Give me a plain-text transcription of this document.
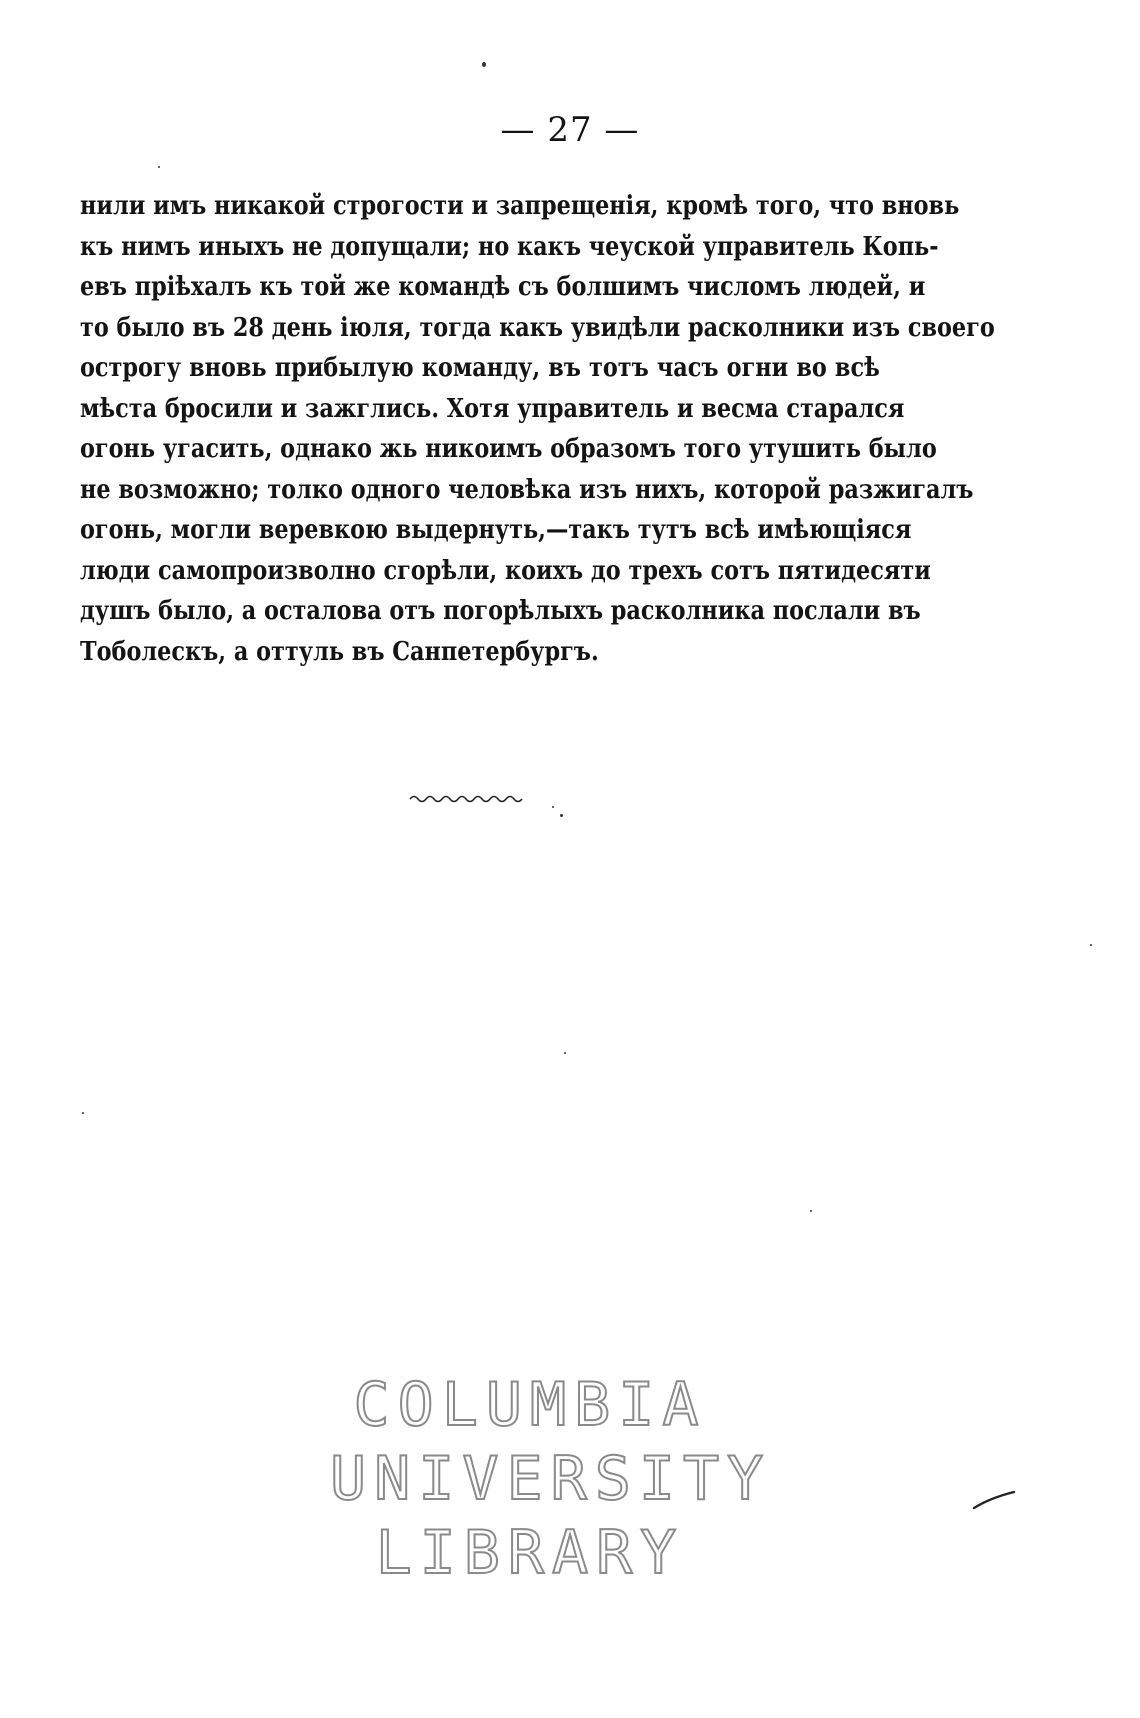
— 27 —
нили имъ никакой строгости и запрещенія, кромѣ того, что вновь
къ нимъ иныхъ не допущали; но какъ чеуской управитель Копь-
евъ пріѣхалъ къ той же командѣ съ болшимъ числомъ людей, и
то было въ 28 день іюля, тогда какъ увидѣли расколники изъ своего
острогу вновь прибылую команду, въ тотъ часъ огни во всѣ
мѣста бросили и зажглись. Хотя управитель и весма старался
огонь угасить, однако жь никоимъ образомъ того утушить было
не возможно; толко одного человѣка изъ нихъ, которой разжигалъ
огонь, могли веревкою выдернуть,—такъ тутъ всѣ имѣющіяся
люди самопроизволно сгорѣли, коихъ до трехъ сотъ пятидесяти
душъ было, а осталова отъ погорѣлыхъ расколника послали въ
Тоболескъ, а оттуль въ Санпетербургъ.
COLUMBIA
UNIVERSITY
LIBRARY
